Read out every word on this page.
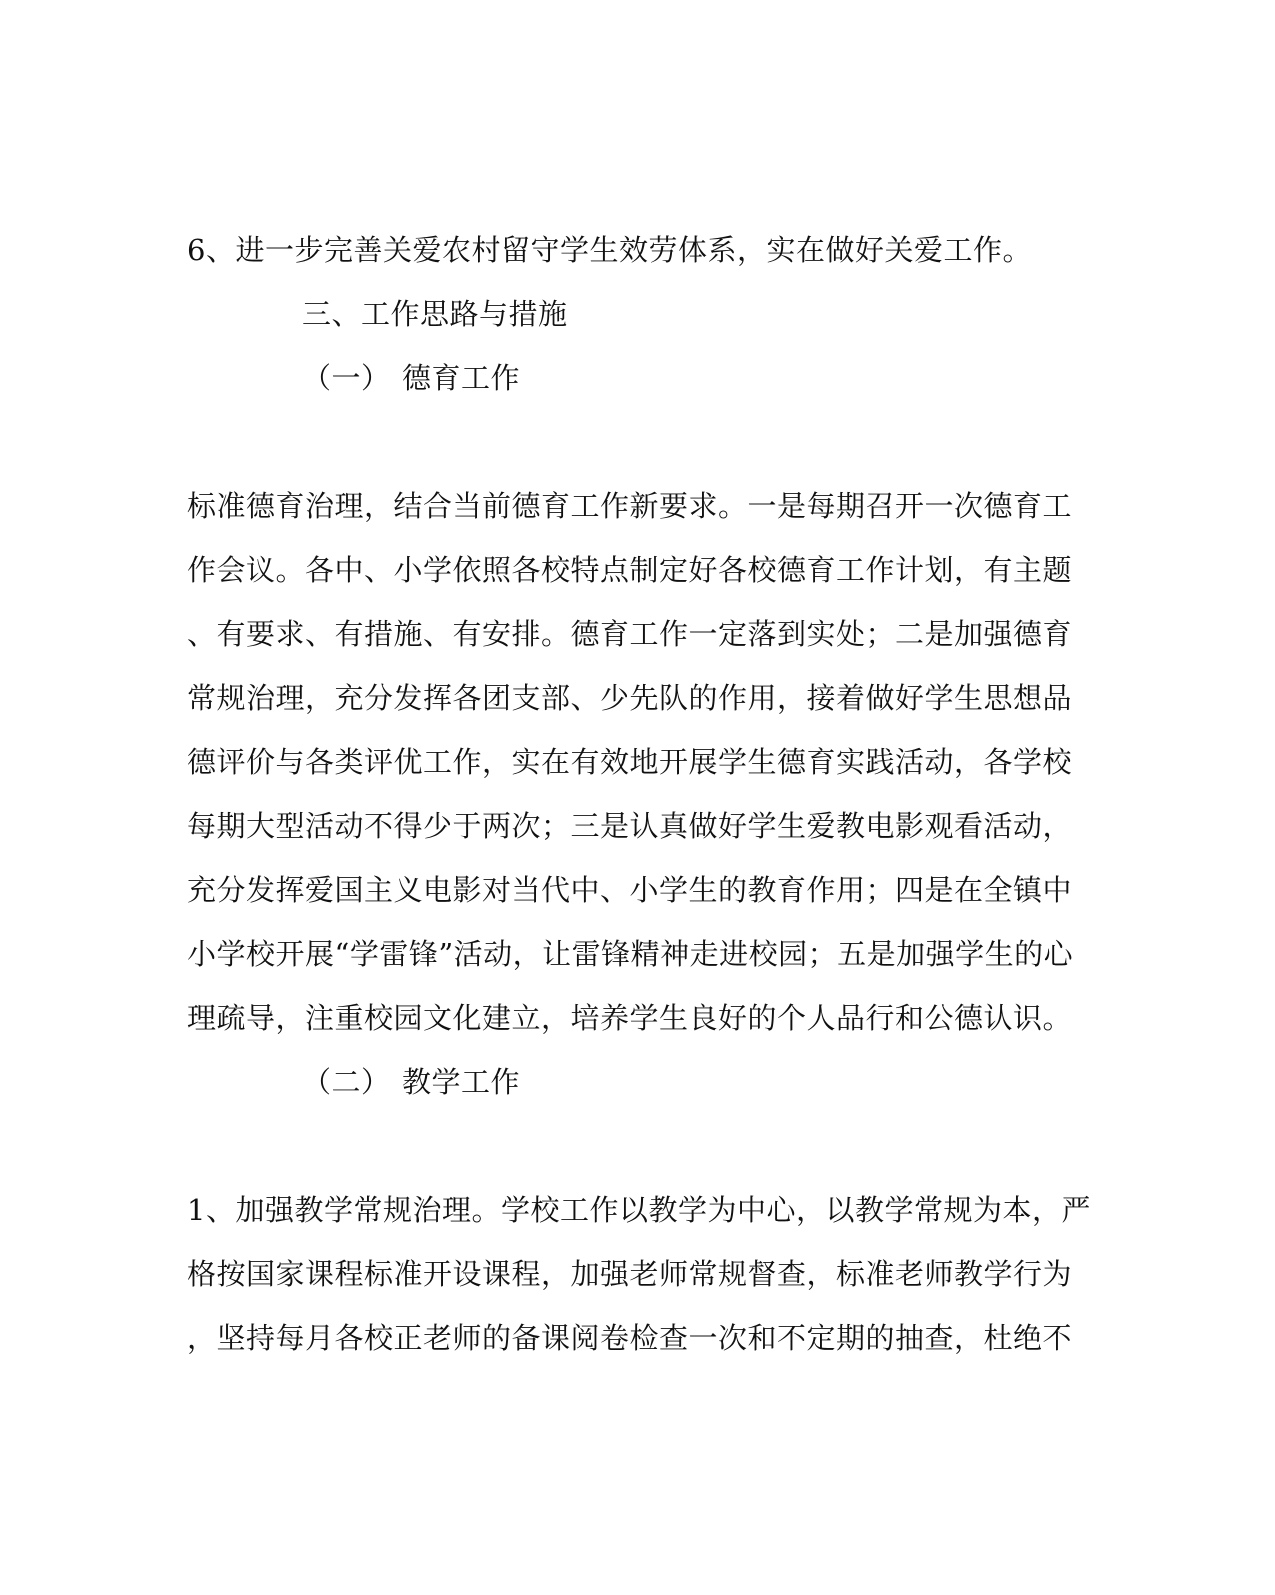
6、进一步完善关爱农村留守学生效劳体系，实在做好关爱工作。
三、工作思路与措施
（一） 德育工作
标准德育治理，结合当前德育工作新要求。一是每期召开一次德育工
作会议。各中、小学依照各校特点制定好各校德育工作计划，有主题
、有要求、有措施、有安排。德育工作一定落到实处；二是加强德育
常规治理，充分发挥各团支部、少先队的作用，接着做好学生思想品
德评价与各类评优工作，实在有效地开展学生德育实践活动，各学校
每期大型活动不得少于两次；三是认真做好学生爱教电影观看活动，
充分发挥爱国主义电影对当代中、小学生的教育作用；四是在全镇中
小学校开展“学雷锋”活动，让雷锋精神走进校园；五是加强学生的心
理疏导，注重校园文化建立，培养学生良好的个人品行和公德认识。
（二） 教学工作
1、加强教学常规治理。学校工作以教学为中心，以教学常规为本，严
格按国家课程标准开设课程，加强老师常规督查，标准老师教学行为
，坚持每月各校正老师的备课阅卷检查一次和不定期的抽查，杜绝不
